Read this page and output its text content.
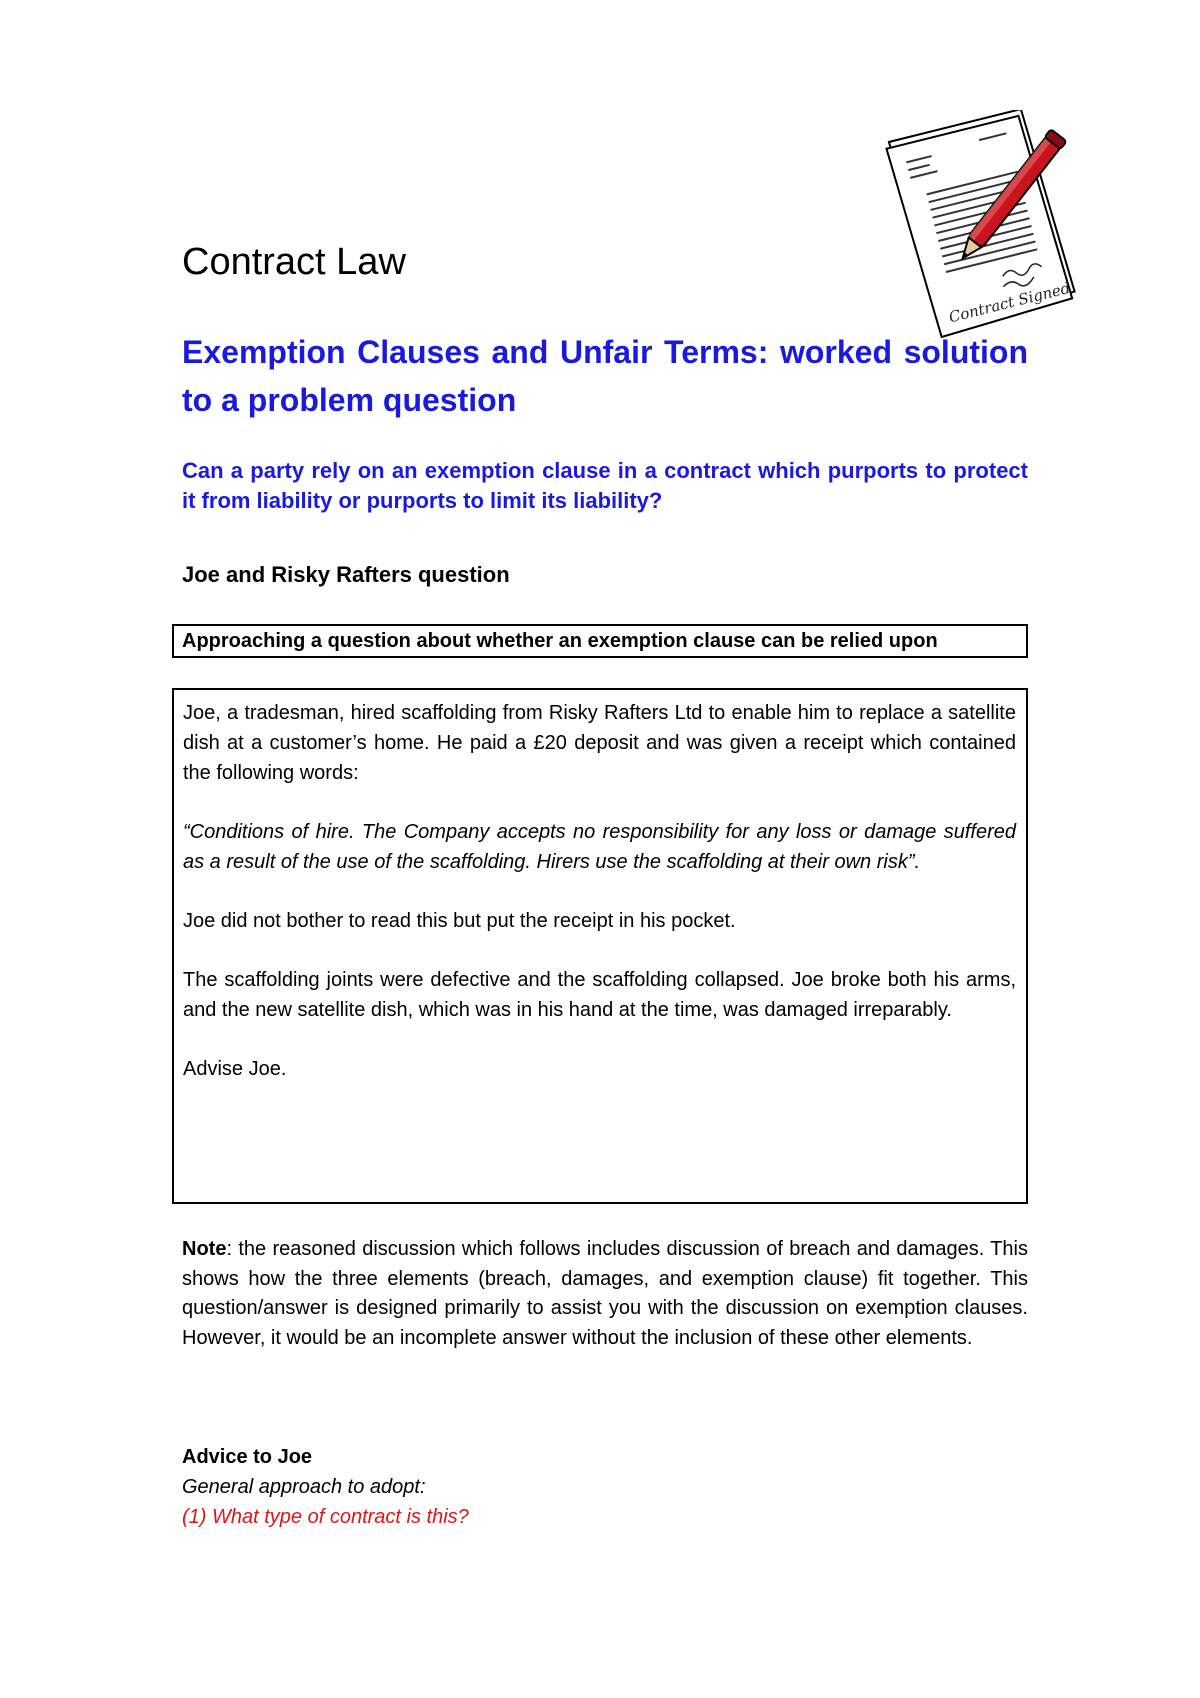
Contract Signed
Contract Law
Exemption Clauses and Unfair Terms: worked solution to a problem question

Can a party rely on an exemption clause in a contract which purports to protect it from liability or purports to limit its liability?

Joe and Risky Rafters question

Approaching a question about whether an exemption clause can be relied upon

Joe, a tradesman, hired scaffolding from Risky Rafters Ltd to enable him to replace a satellite dish at a customer’s home. He paid a £20 deposit and was given a receipt which contained the following words:

“Conditions of hire. The Company accepts no responsibility for any loss or damage suffered as a result of the use of the scaffolding. Hirers use the scaffolding at their own risk”.

Joe did not bother to read this but put the receipt in his pocket.

The scaffolding joints were defective and the scaffolding collapsed. Joe broke both his arms, and the new satellite dish, which was in his hand at the time, was damaged irreparably.

Advise Joe.

Note: the reasoned discussion which follows includes discussion of breach and damages. This shows how the three elements (breach, damages, and exemption clause) fit together. This question/answer is designed primarily to assist you with the discussion on exemption clauses. However, it would be an incomplete answer without the inclusion of these other elements.

Advice to Joe

General approach to adopt:

(1) What type of contract is this?
